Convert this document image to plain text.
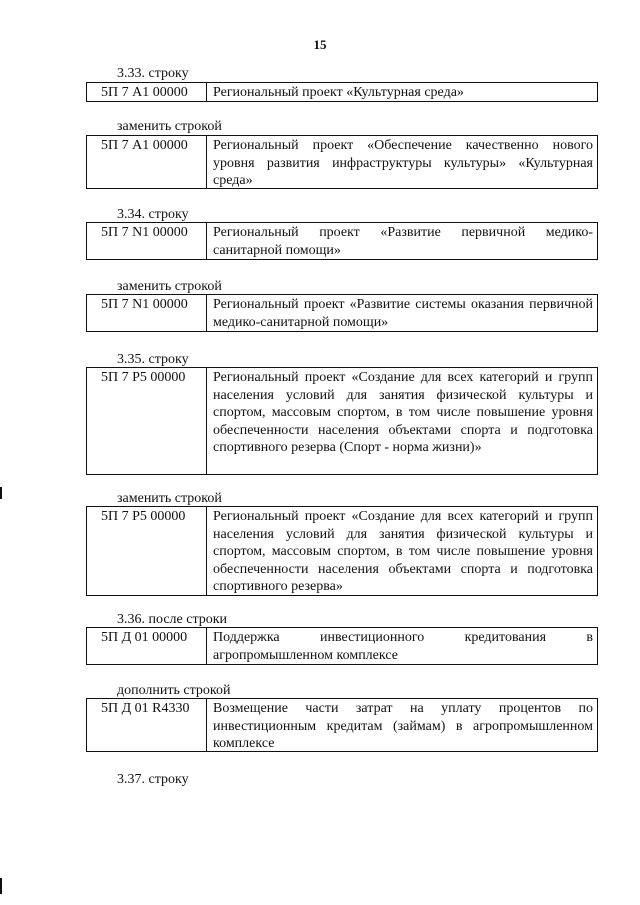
15
3.33. строку
5П 7 А1 00000	Региональный проект «Культурная среда»
заменить строкой
5П 7 А1 00000	Региональный проект «Обеспечение качественно нового уровня развития инфраструктуры культуры» «Культурная среда»
3.34. строку
5П 7 N1 00000	Региональный проект «Развитие первичной медико-санитарной помощи»
заменить строкой
5П 7 N1 00000	Региональный проект «Развитие системы оказания первичной медико-санитарной помощи»
3.35. строку
5П 7 Р5 00000	Региональный проект «Создание для всех категорий и групп населения условий для занятия физической культуры и спортом, массовым спортом, в том числе повышение уровня обеспеченности населения объектами спорта и подготовка спортивного резерва (Спорт - норма жизни)»
заменить строкой
5П 7 Р5 00000	Региональный проект «Создание для всех категорий и групп населения условий для занятия физической культуры и спортом, массовым спортом, в том числе повышение уровня обеспеченности населения объектами спорта и подготовка спортивного резерва»
3.36. после строки
5П Д 01 00000	Поддержка инвестиционного кредитования в агропромышленном комплексе
дополнить строкой
5П Д 01 R4330	Возмещение части затрат на уплату процентов по инвестиционным кредитам (займам) в агропромышленном комплексе
3.37. строку
